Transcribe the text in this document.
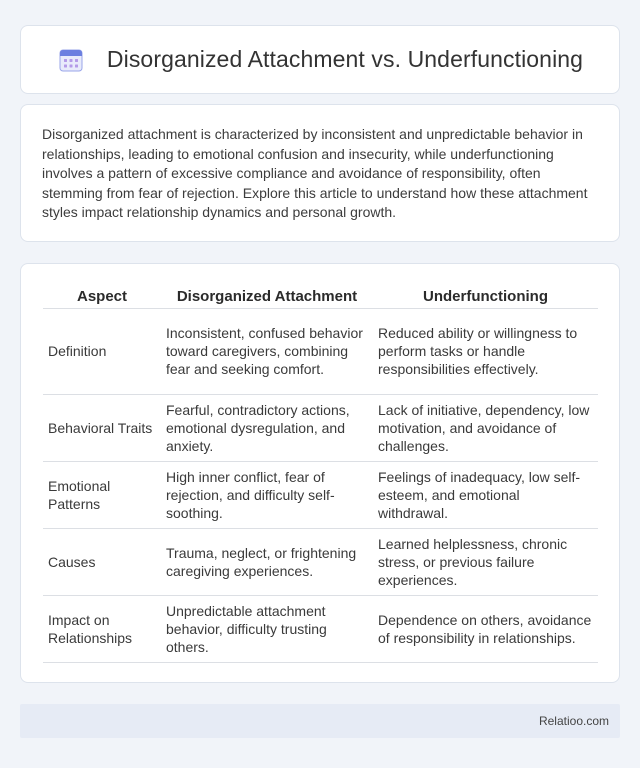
Disorganized Attachment vs. Underfunctioning

Disorganized attachment is characterized by inconsistent and unpredictable behavior in relationships, leading to emotional confusion and insecurity, while underfunctioning involves a pattern of excessive compliance and avoidance of responsibility, often stemming from fear of rejection. Explore this article to understand how these attachment styles impact relationship dynamics and personal growth.

Aspect	Disorganized Attachment	Underfunctioning
Definition	Inconsistent, confused behavior toward caregivers, combining fear and seeking comfort.	Reduced ability or willingness to perform tasks or handle responsibilities effectively.
Behavioral Traits	Fearful, contradictory actions, emotional dysregulation, and anxiety.	Lack of initiative, dependency, low motivation, and avoidance of challenges.
Emotional Patterns	High inner conflict, fear of rejection, and difficulty self-soothing.	Feelings of inadequacy, low self-esteem, and emotional withdrawal.
Causes	Trauma, neglect, or frightening caregiving experiences.	Learned helplessness, chronic stress, or previous failure experiences.
Impact on Relationships	Unpredictable attachment behavior, difficulty trusting others.	Dependence on others, avoidance of responsibility in relationships.
Relatioo.com
